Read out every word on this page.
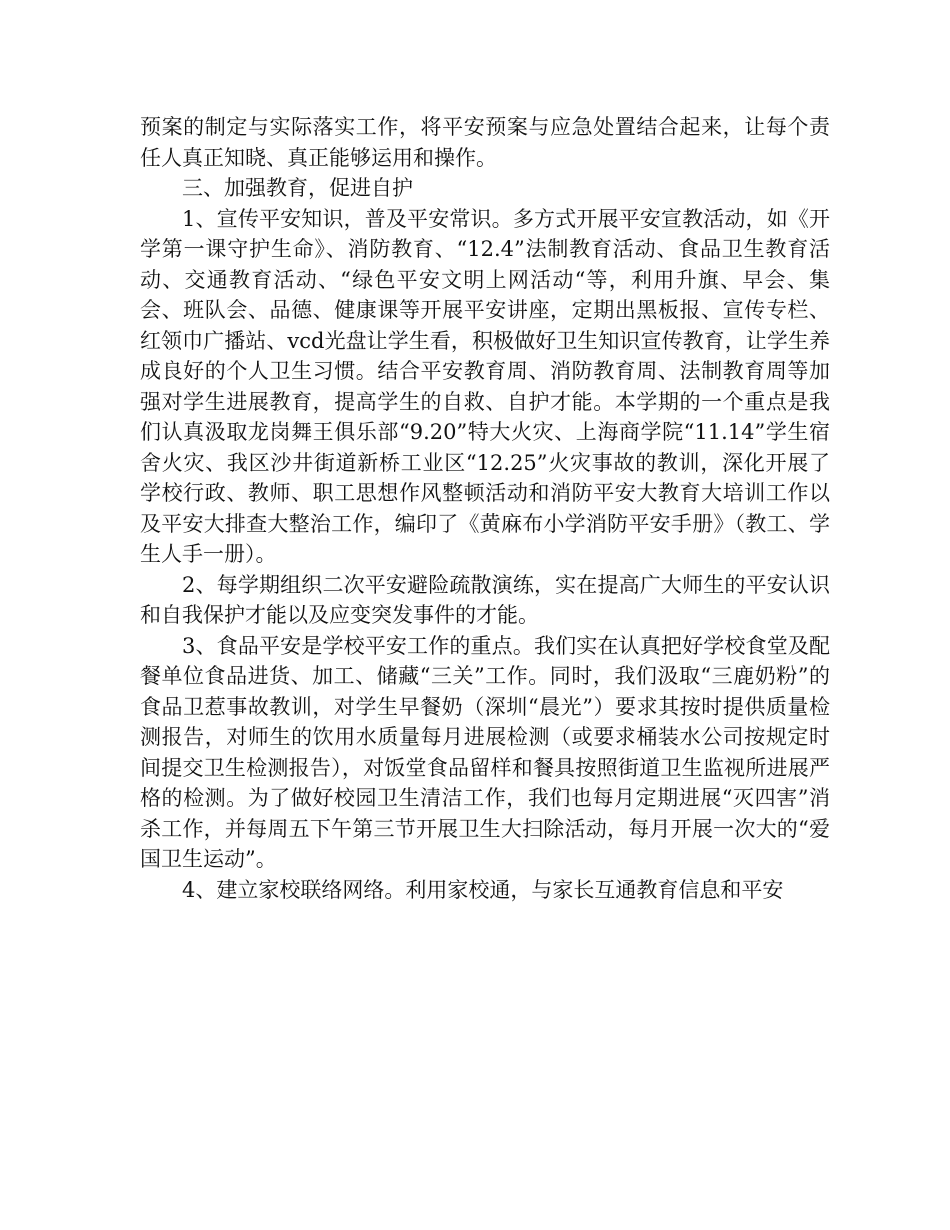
预案的制定与实际落实工作，将平安预案与应急处置结合起来，让每个责任人真正知晓、真正能够运用和操作。

三、加强教育，促进自护

1、宣传平安知识，普及平安常识。多方式开展平安宣教活动，如《开学第一课守护生命》、消防教育、“12.4”法制教育活动、食品卫生教育活动、交通教育活动、“绿色平安文明上网活动“等，利用升旗、早会、集会、班队会、品德、健康课等开展平安讲座，定期出黑板报、宣传专栏、红领巾广播站、vcd光盘让学生看，积极做好卫生知识宣传教育，让学生养成良好的个人卫生习惯。结合平安教育周、消防教育周、法制教育周等加强对学生进展教育，提高学生的自救、自护才能。本学期的一个重点是我们认真汲取龙岗舞王俱乐部“9.20”特大火灾、上海商学院“11.14”学生宿舍火灾、我区沙井街道新桥工业区“12.25”火灾事故的教训，深化开展了学校行政、教师、职工思想作风整顿活动和消防平安大教育大培训工作以及平安大排查大整治工作，编印了《黄麻布小学消防平安手册》（教工、学生人手一册）。

2、每学期组织二次平安避险疏散演练，实在提高广大师生的平安认识和自我保护才能以及应变突发事件的才能。

3、食品平安是学校平安工作的重点。我们实在认真把好学校食堂及配餐单位食品进货、加工、储藏“三关”工作。同时，我们汲取“三鹿奶粉”的食品卫惹事故教训，对学生早餐奶（深圳“晨光”）要求其按时提供质量检测报告，对师生的饮用水质量每月进展检测（或要求桶装水公司按规定时间提交卫生检测报告），对饭堂食品留样和餐具按照街道卫生监视所进展严格的检测。为了做好校园卫生清洁工作，我们也每月定期进展“灭四害”消杀工作，并每周五下午第三节开展卫生大扫除活动，每月开展一次大的“爱国卫生运动”。

4、建立家校联络网络。利用家校通，与家长互通教育信息和平安
